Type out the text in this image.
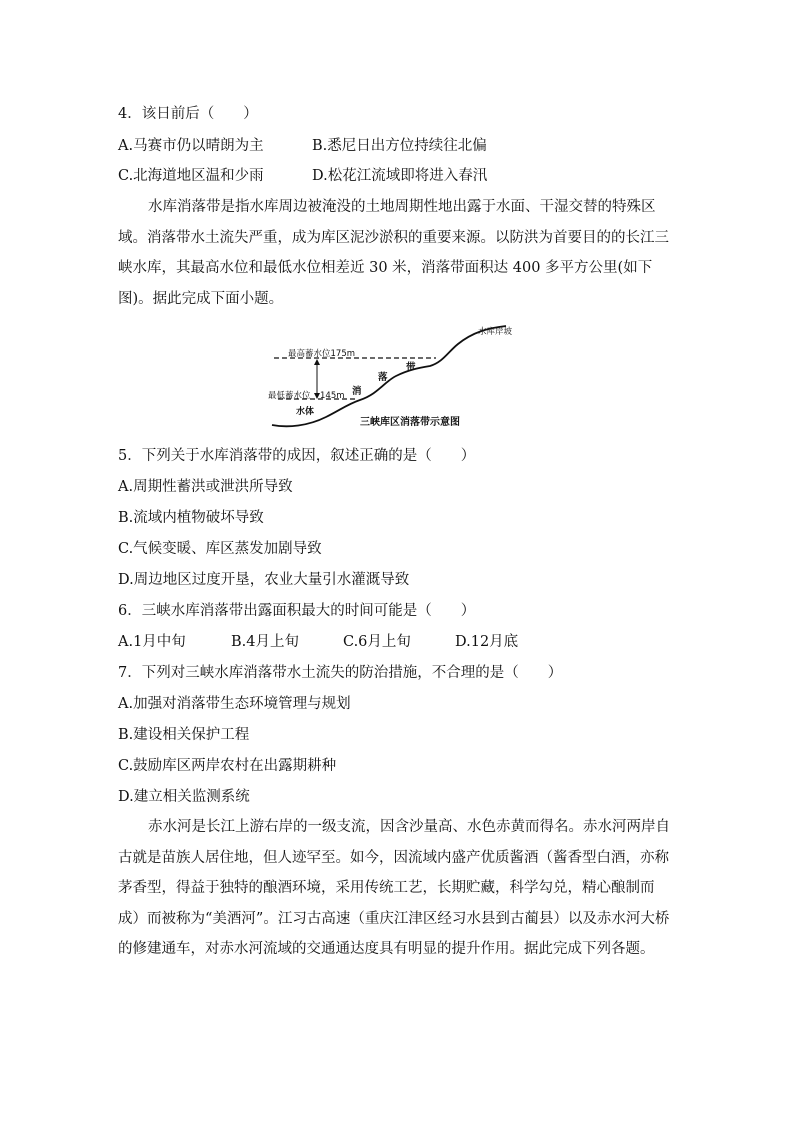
4．该日前后（　　）
A.马赛市仍以晴朗为主	B.悉尼日出方位持续往北偏
C.北海道地区温和少雨	D.松花江流域即将进入春汛
水库消落带是指水库周边被淹没的土地周期性地出露于水面、干湿交替的特殊区域。消落带水土流失严重，成为库区泥沙淤积的重要来源。以防洪为首要目的的长江三峡水库，其最高水位和最低水位相差近 30 米，消落带面积达 400 多平方公里(如下图)。据此完成下面小题。
最高蓄水位175m
最低蓄水位 145m
水体
水库岸坡
消
落
带
三峡库区消落带示意图
5．下列关于水库消落带的成因，叙述正确的是（　　）
A.周期性蓄洪或泄洪所导致
B.流域内植物破坏导致
C.气候变暖、库区蒸发加剧导致
D.周边地区过度开垦，农业大量引水灌溉导致
6．三峡水库消落带出露面积最大的时间可能是（　　）
A.1月中旬	B.4月上旬	C.6月上旬	D.12月底
7．下列对三峡水库消落带水土流失的防治措施，不合理的是（　　）
A.加强对消落带生态环境管理与规划
B.建设相关保护工程
C.鼓励库区两岸农村在出露期耕种
D.建立相关监测系统
赤水河是长江上游右岸的一级支流，因含沙量高、水色赤黄而得名。赤水河两岸自古就是苗族人居住地，但人迹罕至。如今，因流域内盛产优质酱酒（酱香型白酒，亦称茅香型，得益于独特的酿酒环境，采用传统工艺，长期贮藏，科学勾兑，精心酿制而成）而被称为“美酒河”。江习古高速（重庆江津区经习水县到古蔺县）以及赤水河大桥的修建通车，对赤水河流域的交通通达度具有明显的提升作用。据此完成下列各题。
